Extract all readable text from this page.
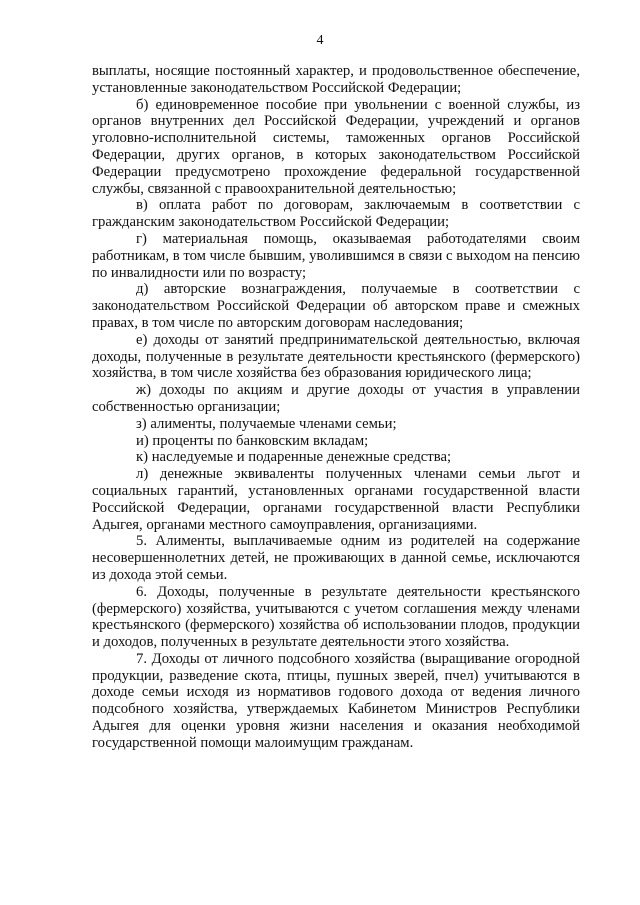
4

выплаты, носящие постоянный характер, и продовольственное обеспечение, установленные законодательством Российской Федерации;

б) единовременное пособие при увольнении с военной службы, из органов внутренних дел Российской Федерации, учреждений и органов уголовно-исполнительной системы, таможенных органов Российской Федерации, других органов, в которых законодательством Российской Федерации предусмотрено прохождение федеральной государственной службы, связанной с правоохранительной деятельностью;

в) оплата работ по договорам, заключаемым в соответствии с гражданским законодательством Российской Федерации;

г) материальная помощь, оказываемая работодателями своим работникам, в том числе бывшим, уволившимся в связи с выходом на пенсию по инвалидности или по возрасту;

д) авторские вознаграждения, получаемые в соответствии с законодательством Российской Федерации об авторском праве и смежных правах, в том числе по авторским договорам наследования;

е) доходы от занятий предпринимательской деятельностью, включая доходы, полученные в результате деятельности крестьянского (фермерского) хозяйства, в том числе хозяйства без образования юридического лица;

ж) доходы по акциям и другие доходы от участия в управлении собственностью организации;

з) алименты, получаемые членами семьи;

и) проценты по банковским вкладам;

к) наследуемые и подаренные денежные средства;

л) денежные эквиваленты полученных членами семьи льгот и социальных гарантий, установленных органами государственной власти Российской Федерации, органами государственной власти Республики Адыгея, органами местного самоуправления, организациями.

5. Алименты, выплачиваемые одним из родителей на содержание несовершеннолетних детей, не проживающих в данной семье, исключаются из дохода этой семьи.

6. Доходы, полученные в результате деятельности крестьянского (фермерского) хозяйства, учитываются с учетом соглашения между членами крестьянского (фермерского) хозяйства об использовании плодов, продукции и доходов, полученных в результате деятельности этого хозяйства.

7. Доходы от личного подсобного хозяйства (выращивание огородной продукции, разведение скота, птицы, пушных зверей, пчел) учитываются в доходе семьи исходя из нормативов годового дохода от ведения личного подсобного хозяйства, утверждаемых Кабинетом Министров Республики Адыгея для оценки уровня жизни населения и оказания необходимой государственной помощи малоимущим гражданам.
